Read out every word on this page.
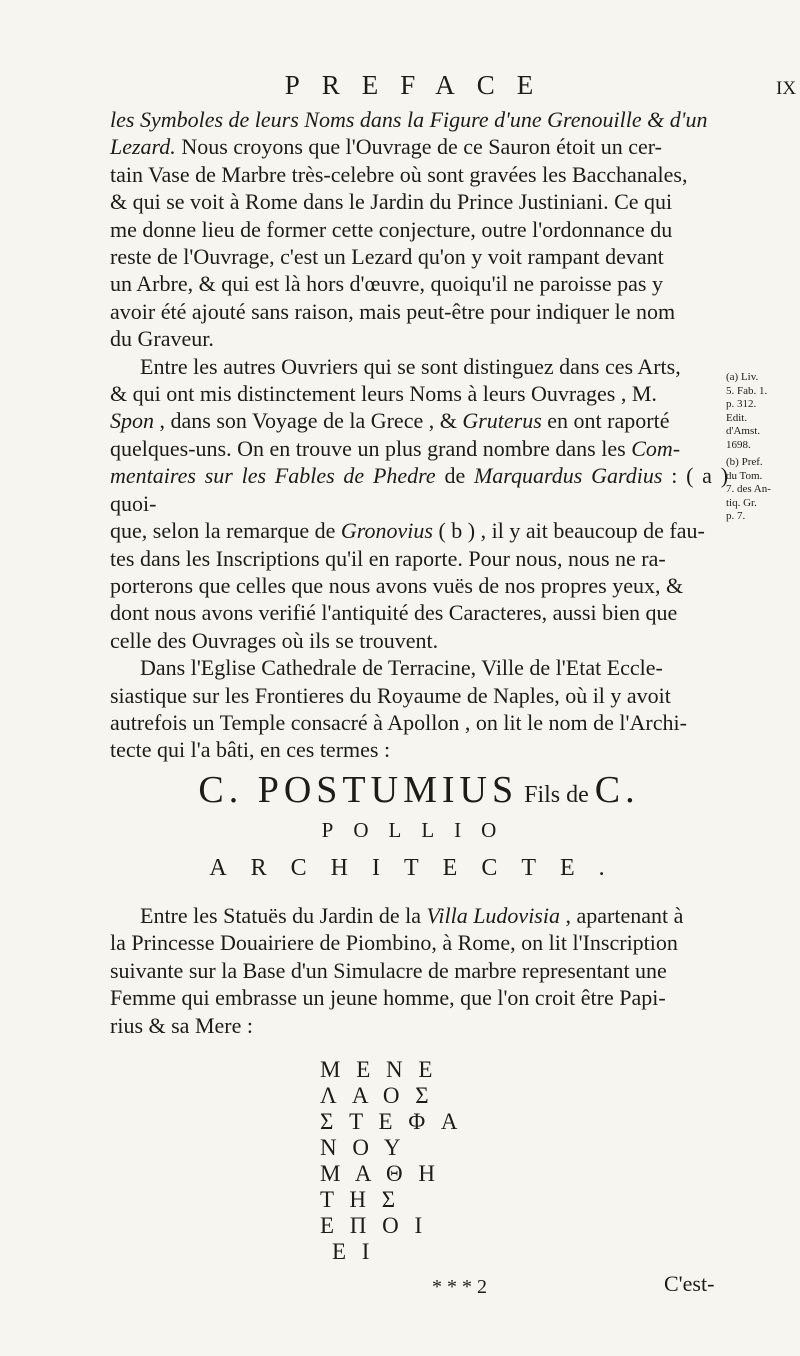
PREFACE	IX

les Symboles de leurs Noms dans la Figure d'une Grenouille & d'un
Lezard. Nous croyons que l'Ouvrage de ce Sauron étoit un cer-
tain Vase de Marbre très-celebre où sont gravées les Bacchanales,
& qui se voit à Rome dans le Jardin du Prince Justiniani. Ce qui
me donne lieu de former cette conjecture, outre l'ordonnance du
reste de l'Ouvrage, c'est un Lezard qu'on y voit rampant devant
un Arbre, & qui est là hors d'œuvre, quoiqu'il ne paroisse pas y
avoir été ajouté sans raison, mais peut-être pour indiquer le nom
du Graveur.

Entre les autres Ouvriers qui se sont distinguez dans ces Arts,
& qui ont mis distinctement leurs Noms à leurs Ouvrages , M.
Spon , dans son Voyage de la Grece , & Gruterus en ont raporté
quelques-uns. On en trouve un plus grand nombre dans les Com-
mentaires sur les Fables de Phedre de Marquardus Gardius : ( a ) quoi-
que, selon la remarque de Gronovius ( b ) , il y ait beaucoup de fau-
tes dans les Inscriptions qu'il en raporte. Pour nous, nous ne ra-
porterons que celles que nous avons vuës de nos propres yeux, &
dont nous avons verifié l'antiquité des Caracteres, aussi bien que
celle des Ouvrages où ils se trouvent.

Dans l'Eglise Cathedrale de Terracine, Ville de l'Etat Eccle-
siastique sur les Frontieres du Royaume de Naples, où il y avoit
autrefois un Temple consacré à Apollon , on lit le nom de l'Archi-
tecte qui l'a bâti, en ces termes :

(a) Liv.
5. Fab. 1.
p. 312.
Edit.
d'Amst.
1698.
(b) Pref.
du Tom.
7. des An-
tiq. Gr.
p. 7.
C. POSTUMIUS Fils de C.
POLLIO
ARCHITECTE.

Entre les Statuës du Jardin de la Villa Ludovisia , apartenant à
la Princesse Douairiere de Piombino, à Rome, on lit l'Inscription
suivante sur la Base d'un Simulacre de marbre representant une
Femme qui embrasse un jeune homme, que l'on croit être Papi-
rius & sa Mere :

M E N E
Λ A O Σ
Σ T E Φ A
N O Y
M A Θ H
T H Σ
E Π O I
E I
* * * 2	C'est-
